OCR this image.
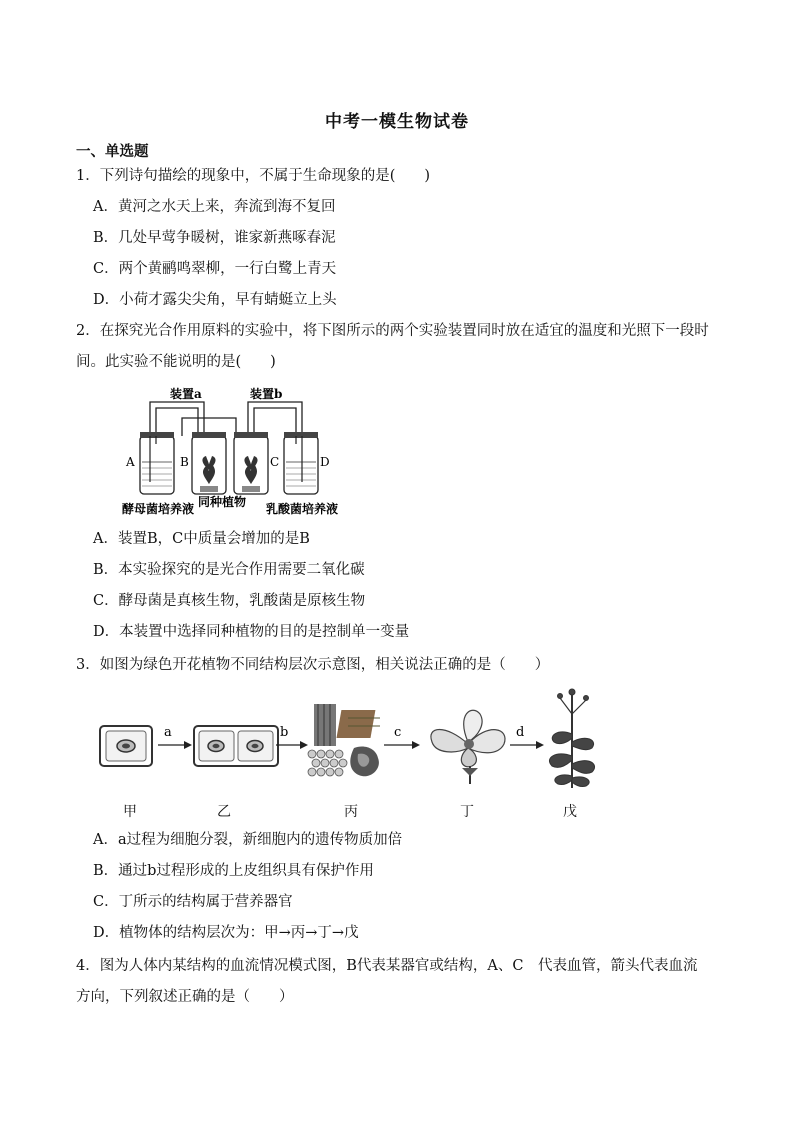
中考一模生物试卷
一、单选题
1．下列诗句描绘的现象中，不属于生命现象的是(　　)
A．黄河之水天上来，奔流到海不复回
B．几处早莺争暖树，谁家新燕啄春泥
C．两个黄鹂鸣翠柳，一行白鹭上青天
D．小荷才露尖尖角，早有蜻蜓立上头
2．在探究光合作用原料的实验中，将下图所示的两个实验装置同时放在适宜的温度和光照下一段时
间。此实验不能说明的是(　　)
装置a	装置b
A	B	C	D
酵母菌培养液 同种植物 乳酸菌培养液
A．装置B，C中质量会增加的是B
B．本实验探究的是光合作用需要二氧化碳
C．酵母菌是真核生物，乳酸菌是原核生物
D．本装置中选择同种植物的目的是控制单一变量
3．如图为绿色开花植物不同结构层次示意图，相关说法正确的是（　　）
a	b	c	d
甲	乙	丙	丁	戊
A．a过程为细胞分裂，新细胞内的遗传物质加倍
B．通过b过程形成的上皮组织具有保护作用
C．丁所示的结构属于营养器官
D．植物体的结构层次为：甲→丙→丁→戊
4．图为人体内某结构的血流情况模式图，B代表某器官或结构，A、C　代表血管，箭头代表血流
方向，下列叙述正确的是（　　）
